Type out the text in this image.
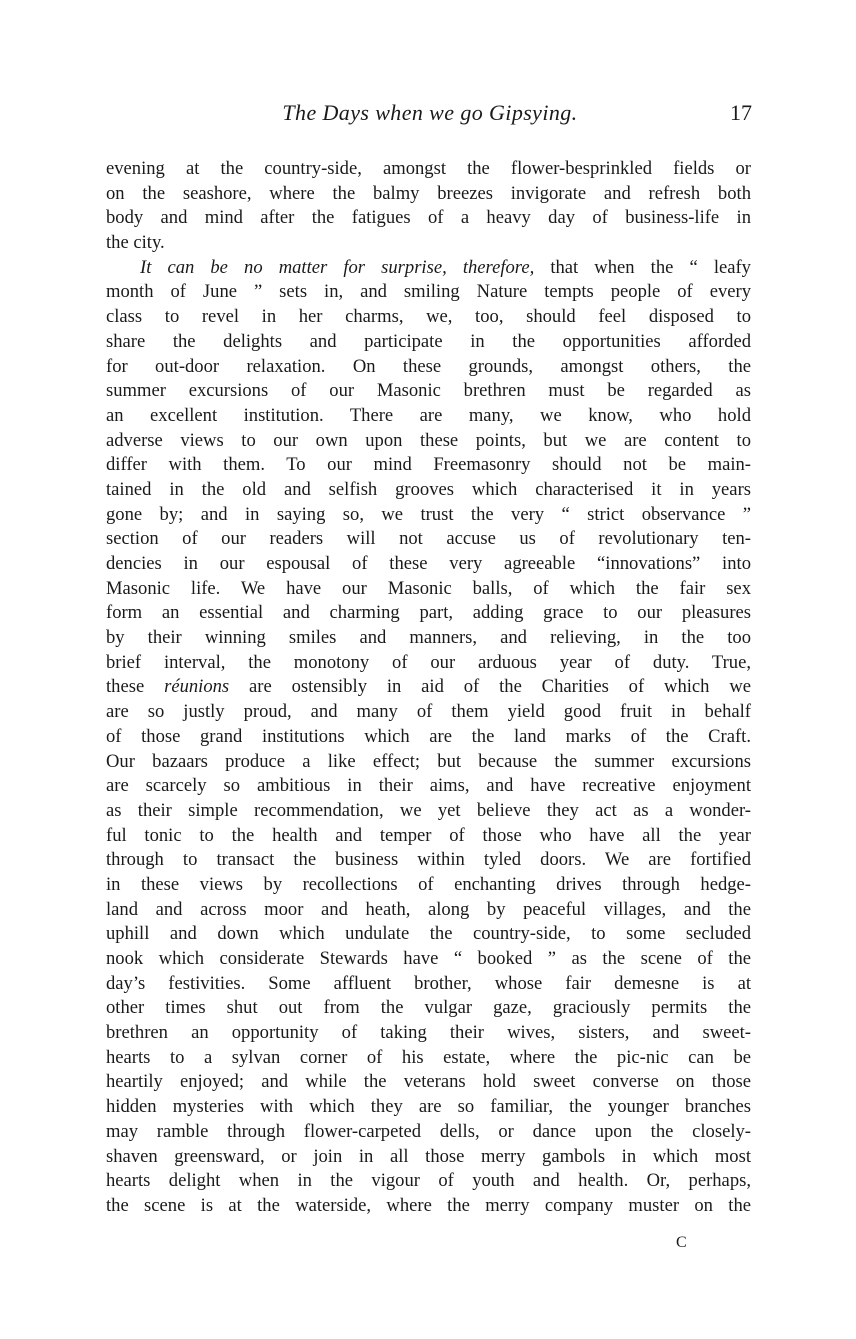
The Days when we go Gipsying.	17
evening at the country-side, amongst the flower-besprinkled fields or
on the seashore, where the balmy breezes invigorate and refresh both
body and mind after the fatigues of a heavy day of business-life in
the city.
It can be no matter for surprise, therefore, that when the “ leafy
month of June ” sets in, and smiling Nature tempts people of every
class to revel in her charms, we, too, should feel disposed to
share the delights and participate in the opportunities afforded
for out-door relaxation. On these grounds, amongst others, the
summer excursions of our Masonic brethren must be regarded as
an excellent institution. There are many, we know, who hold
adverse views to our own upon these points, but we are content to
differ with them. To our mind Freemasonry should not be main-
tained in the old and selfish grooves which characterised it in years
gone by; and in saying so, we trust the very “ strict observance ”
section of our readers will not accuse us of revolutionary ten-
dencies in our espousal of these very agreeable “innovations” into
Masonic life. We have our Masonic balls, of which the fair sex
form an essential and charming part, adding grace to our pleasures
by their winning smiles and manners, and relieving, in the too
brief interval, the monotony of our arduous year of duty. True,
these réunions are ostensibly in aid of the Charities of which we
are so justly proud, and many of them yield good fruit in behalf
of those grand institutions which are the land marks of the Craft.
Our bazaars produce a like effect; but because the summer excursions
are scarcely so ambitious in their aims, and have recreative enjoyment
as their simple recommendation, we yet believe they act as a wonder-
ful tonic to the health and temper of those who have all the year
through to transact the business within tyled doors. We are fortified
in these views by recollections of enchanting drives through hedge-
land and across moor and heath, along by peaceful villages, and the
uphill and down which undulate the country-side, to some secluded
nook which considerate Stewards have “ booked ” as the scene of the
day’s festivities. Some affluent brother, whose fair demesne is at
other times shut out from the vulgar gaze, graciously permits the
brethren an opportunity of taking their wives, sisters, and sweet-
hearts to a sylvan corner of his estate, where the pic-nic can be
heartily enjoyed; and while the veterans hold sweet converse on those
hidden mysteries with which they are so familiar, the younger branches
may ramble through flower-carpeted dells, or dance upon the closely-
shaven greensward, or join in all those merry gambols in which most
hearts delight when in the vigour of youth and health. Or, perhaps,
the scene is at the waterside, where the merry company muster on the
C
